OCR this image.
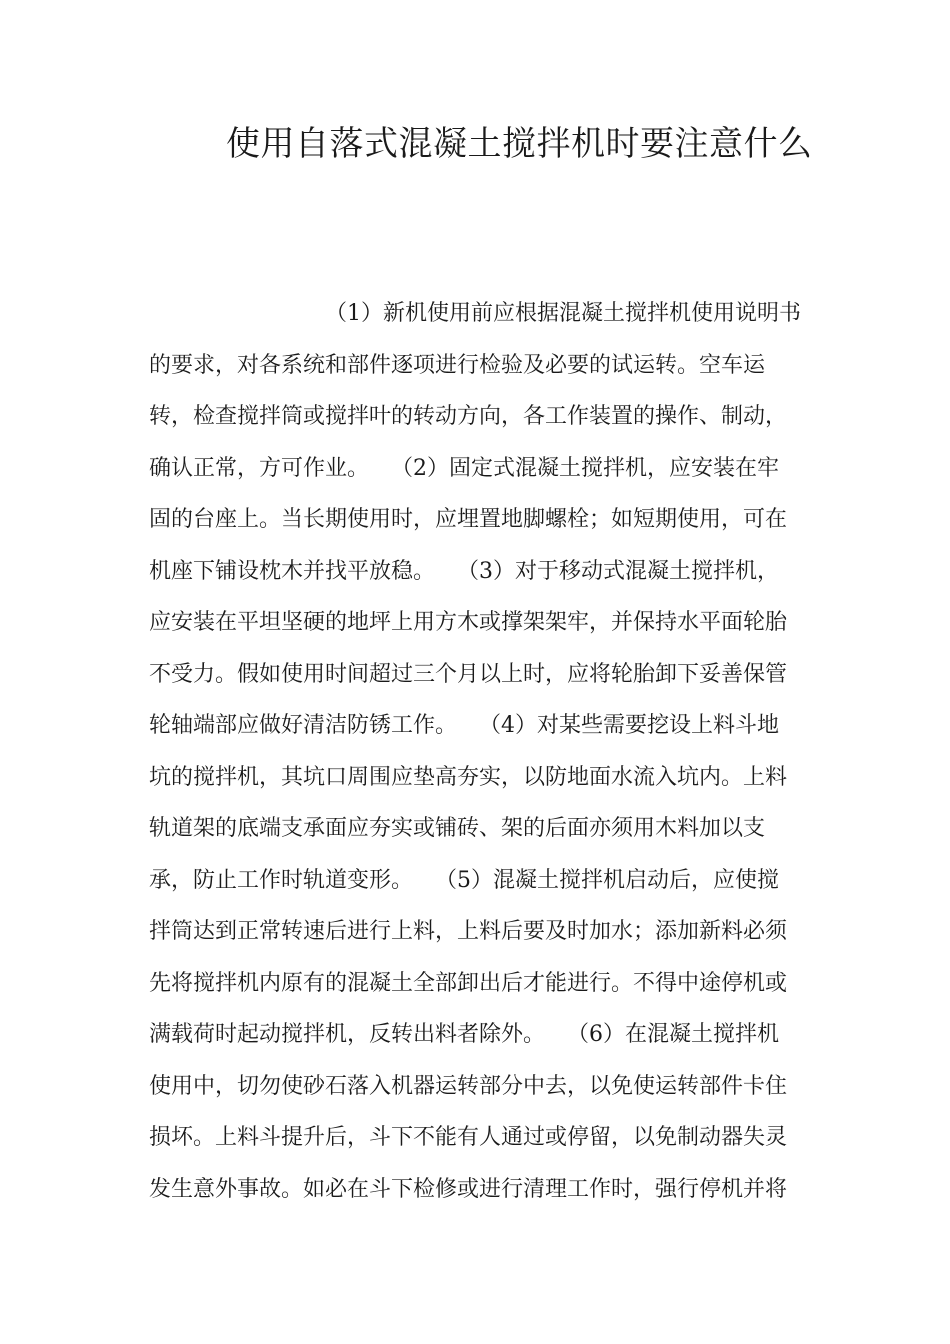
使用自落式混凝土搅拌机时要注意什么
（1）新机使用前应根据混凝土搅拌机使用说明书
的要求，对各系统和部件逐项进行检验及必要的试运转。空车运
转，检查搅拌筒或搅拌叶的转动方向，各工作装置的操作、制动，
确认正常，方可作业。　　（2）固定式混凝土搅拌机，应安装在牢
固的台座上。当长期使用时，应埋置地脚螺栓；如短期使用，可在
机座下铺设枕木并找平放稳。　　（3）对于移动式混凝土搅拌机，
应安装在平坦坚硬的地坪上用方木或撑架架牢，并保持水平面轮胎
不受力。假如使用时间超过三个月以上时，应将轮胎卸下妥善保管
轮轴端部应做好清洁防锈工作。　　（4）对某些需要挖设上料斗地
坑的搅拌机，其坑口周围应垫高夯实，以防地面水流入坑内。上料
轨道架的底端支承面应夯实或铺砖、架的后面亦须用木料加以支
承，防止工作时轨道变形。　　（5）混凝土搅拌机启动后，应使搅
拌筒达到正常转速后进行上料，上料后要及时加水；添加新料必须
先将搅拌机内原有的混凝土全部卸出后才能进行。不得中途停机或
满载荷时起动搅拌机，反转出料者除外。　　（6）在混凝土搅拌机
使用中，切勿使砂石落入机器运转部分中去，以免使运转部件卡住
损坏。上料斗提升后，斗下不能有人通过或停留，以免制动器失灵
发生意外事故。如必在斗下检修或进行清理工作时，强行停机并将
